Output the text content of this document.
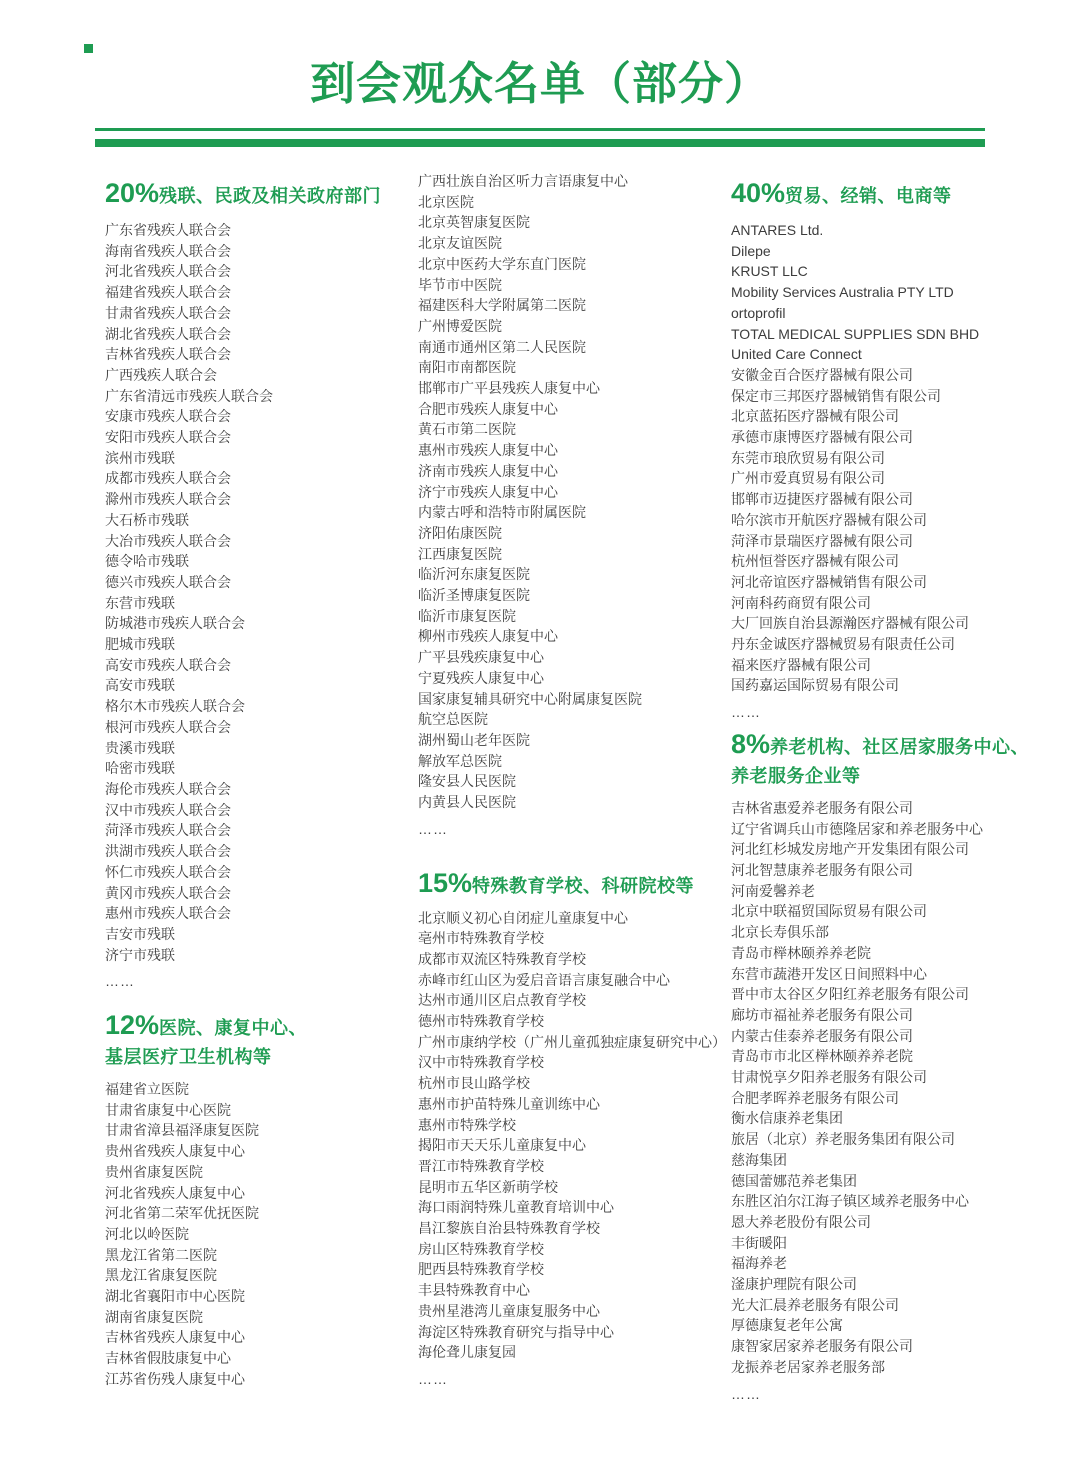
到会观众名单（部分）
20%残联、民政及相关政府部门
广东省残疾人联合会
海南省残疾人联合会
河北省残疾人联合会
福建省残疾人联合会
甘肃省残疾人联合会
湖北省残疾人联合会
吉林省残疾人联合会
广西残疾人联合会
广东省清远市残疾人联合会
安康市残疾人联合会
安阳市残疾人联合会
滨州市残联
成都市残疾人联合会
滁州市残疾人联合会
大石桥市残联
大冶市残疾人联合会
德令哈市残联
德兴市残疾人联合会
东营市残联
防城港市残疾人联合会
肥城市残联
高安市残疾人联合会
高安市残联
格尔木市残疾人联合会
根河市残疾人联合会
贵溪市残联
哈密市残联
海伦市残疾人联合会
汉中市残疾人联合会
菏泽市残疾人联合会
洪湖市残疾人联合会
怀仁市残疾人联合会
黄冈市残疾人联合会
惠州市残疾人联合会
吉安市残联
济宁市残联
……
12%医院、康复中心、
基层医疗卫生机构等
福建省立医院
甘肃省康复中心医院
甘肃省漳县福泽康复医院
贵州省残疾人康复中心
贵州省康复医院
河北省残疾人康复中心
河北省第二荣军优抚医院
河北以岭医院
黑龙江省第二医院
黑龙江省康复医院
湖北省襄阳市中心医院
湖南省康复医院
吉林省残疾人康复中心
吉林省假肢康复中心
江苏省伤残人康复中心
广西壮族自治区听力言语康复中心
北京医院
北京英智康复医院
北京友谊医院
北京中医药大学东直门医院
毕节市中医院
福建医科大学附属第二医院
广州博爱医院
南通市通州区第二人民医院
南阳市南都医院
邯郸市广平县残疾人康复中心
合肥市残疾人康复中心
黄石市第二医院
惠州市残疾人康复中心
济南市残疾人康复中心
济宁市残疾人康复中心
内蒙古呼和浩特市附属医院
济阳佑康医院
江西康复医院
临沂河东康复医院
临沂圣博康复医院
临沂市康复医院
柳州市残疾人康复中心
广平县残疾康复中心
宁夏残疾人康复中心
国家康复辅具研究中心附属康复医院
航空总医院
湖州蜀山老年医院
解放军总医院
隆安县人民医院
内黄县人民医院
……
15%特殊教育学校、科研院校等
北京顺义初心自闭症儿童康复中心
亳州市特殊教育学校
成都市双流区特殊教育学校
赤峰市红山区为爱启音语言康复融合中心
达州市通川区启点教育学校
德州市特殊教育学校
广州市康纳学校（广州儿童孤独症康复研究中心）
汉中市特殊教育学校
杭州市艮山路学校
惠州市护苗特殊儿童训练中心
惠州市特殊学校
揭阳市天天乐儿童康复中心
晋江市特殊教育学校
昆明市五华区新萌学校
海口雨润特殊儿童教育培训中心
昌江黎族自治县特殊教育学校
房山区特殊教育学校
肥西县特殊教育学校
丰县特殊教育中心
贵州星港湾儿童康复服务中心
海淀区特殊教育研究与指导中心
海伦聋儿康复园
……
40%贸易、经销、电商等
ANTARES Ltd.
Dilepe
KRUST LLC
Mobility Services Australia PTY LTD
ortoprofil
TOTAL MEDICAL SUPPLIES SDN BHD
United Care Connect
安徽金百合医疗器械有限公司
保定市三邦医疗器械销售有限公司
北京蓝拓医疗器械有限公司
承德市康博医疗器械有限公司
东莞市琅欣贸易有限公司
广州市爱真贸易有限公司
邯郸市迈捷医疗器械有限公司
哈尔滨市开航医疗器械有限公司
菏泽市景瑞医疗器械有限公司
杭州恒誉医疗器械有限公司
河北帝谊医疗器械销售有限公司
河南科药商贸有限公司
大厂回族自治县源瀚医疗器械有限公司
丹东金诚医疗器械贸易有限责任公司
福来医疗器械有限公司
国药嘉运国际贸易有限公司
……
8%养老机构、社区居家服务中心、
养老服务企业等
吉林省惠爱养老服务有限公司
辽宁省调兵山市德隆居家和养老服务中心
河北红杉城发房地产开发集团有限公司
河北智慧康养老服务有限公司
河南爱馨养老
北京中联福贸国际贸易有限公司
北京长寿俱乐部
青岛市榉林颐养养老院
东营市蔬港开发区日间照料中心
晋中市太谷区夕阳红养老服务有限公司
廊坊市福祉养老服务有限公司
内蒙古佳泰养老服务有限公司
青岛市市北区榉林颐养养老院
甘肃悦享夕阳养老服务有限公司
合肥孝晖养老服务有限公司
衡水信康养老集团
旅居（北京）养老服务集团有限公司
慈海集团
德国蕾娜范养老集团
东胜区泊尔江海子镇区域养老服务中心
恩大养老股份有限公司
丰街暖阳
福海养老
滏康护理院有限公司
光大汇晨养老服务有限公司
厚德康复老年公寓
康智家居家养老服务有限公司
龙振养老居家养老服务部
……
